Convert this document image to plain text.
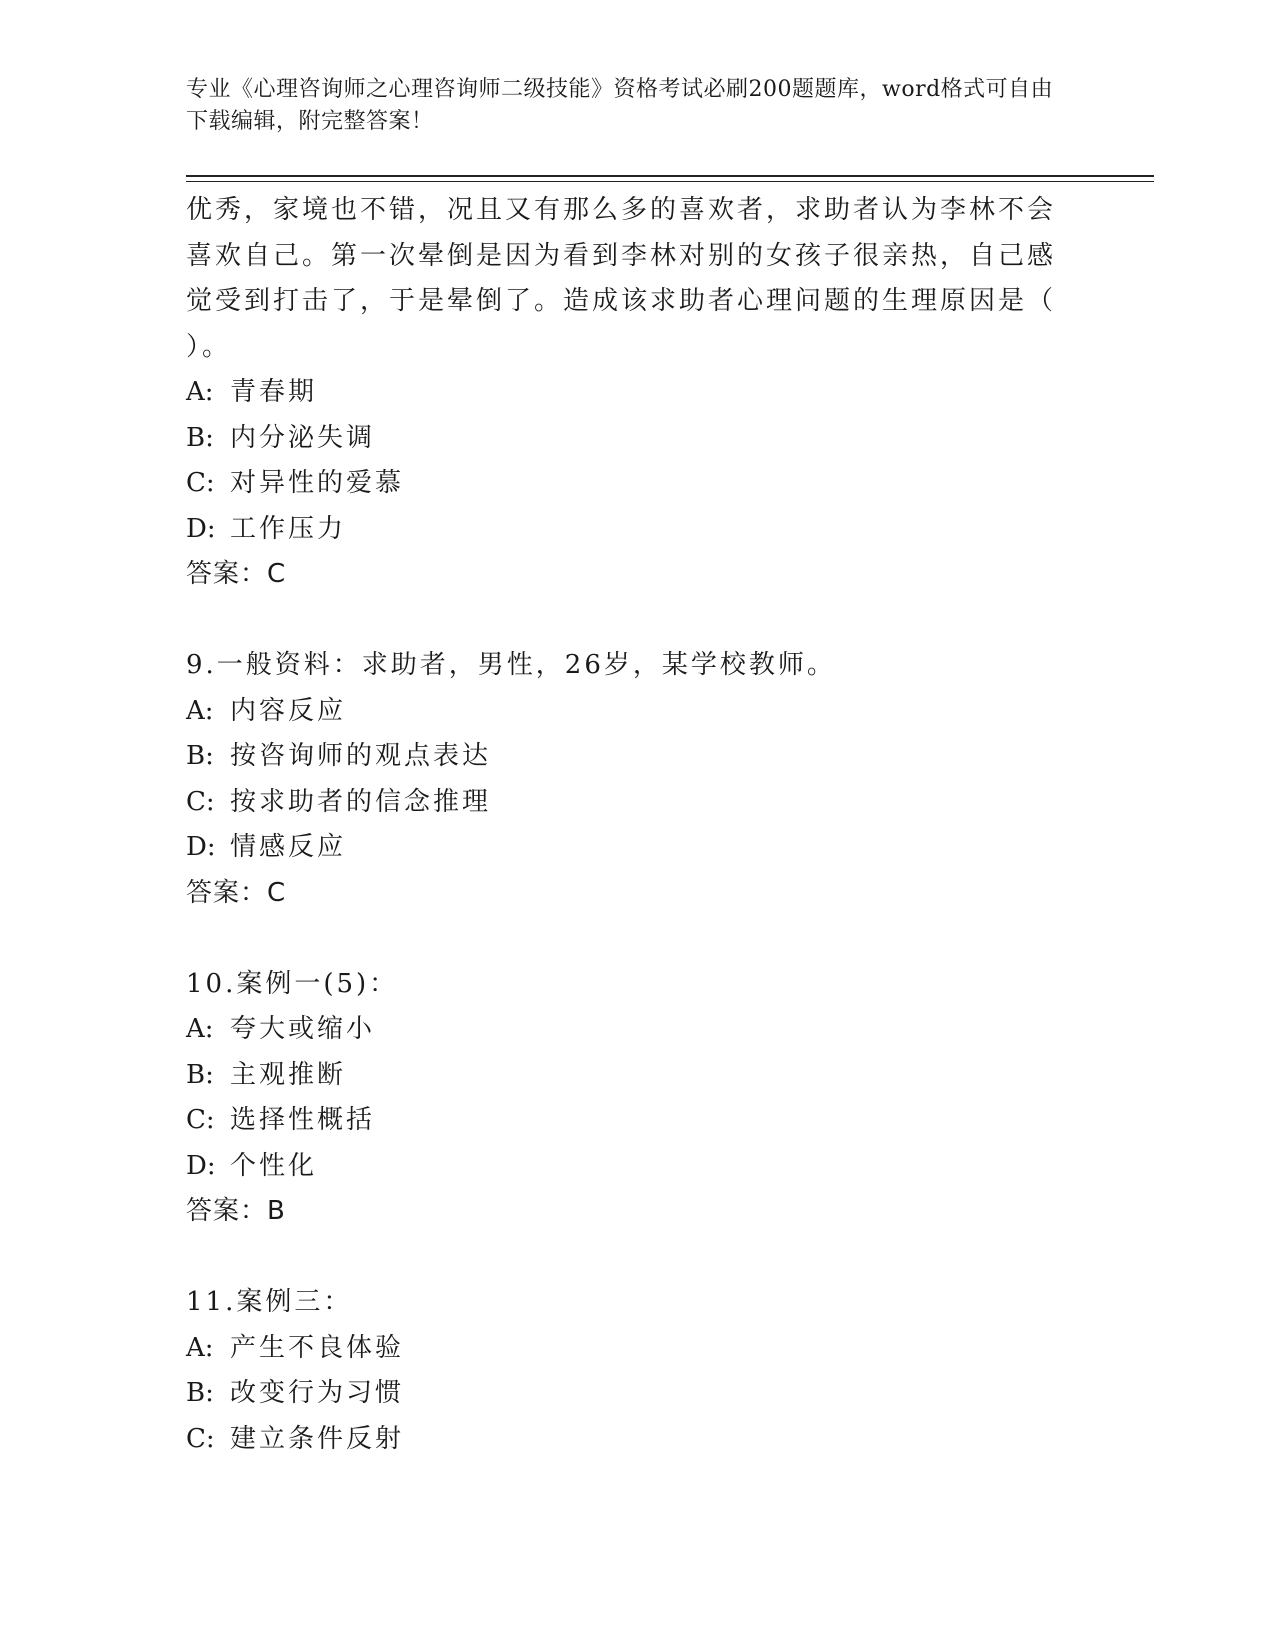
专业《心理咨询师之心理咨询师二级技能》资格考试必刷200题题库，word格式可自由下载编辑，附完整答案！
优秀，家境也不错，况且又有那么多的喜欢者，求助者认为李林不会
喜欢自己。第一次晕倒是因为看到李林对别的女孩子很亲热，自己感
觉受到打击了，于是晕倒了。造成该求助者心理问题的生理原因是（
）。
A: 青春期
B: 内分泌失调
C: 对异性的爱慕
D: 工作压力
答案：C
9.一般资料：求助者，男性，26岁，某学校教师。
A: 内容反应
B: 按咨询师的观点表达
C: 按求助者的信念推理
D: 情感反应
答案：C
10.案例一(5)：
A: 夸大或缩小
B: 主观推断
C: 选择性概括
D: 个性化
答案：B
11.案例三：
A: 产生不良体验
B: 改变行为习惯
C: 建立条件反射
